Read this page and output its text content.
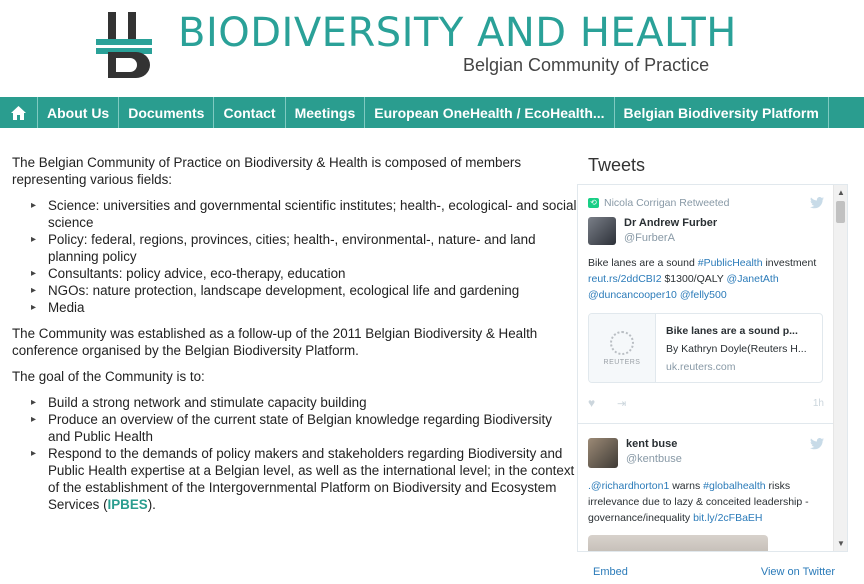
BIODIVERSITY AND HEALTH
Belgian Community of Practice
About Us	Documents	Contact	Meetings	European OneHealth / EcoHealth...	Belgian Biodiversity Platform

The Belgian Community of Practice on Biodiversity & Health is composed of members representing various fields:

▸ Science: universities and governmental scientific institutes; health-, ecological- and social science
▸ Policy: federal, regions, provinces, cities; health-, environmental-, nature- and land planning policy
▸ Consultants: policy advice, eco-therapy, education
▸ NGOs: nature protection, landscape development, ecological life and gardening
▸ Media

The Community was established as a follow-up of the 2011 Belgian Biodiversity & Health conference organised by the Belgian Biodiversity Platform.

The goal of the Community is to:

▸ Build a strong network and stimulate capacity building
▸ Produce an overview of the current state of Belgian knowledge regarding Biodiversity and Public Health
▸ Respond to the demands of policy makers and stakeholders regarding Biodiversity and Public Health expertise at a Belgian level, as well as the international level; in the context of the establishment of the Intergovernmental Platform on Biodiversity and Ecosystem Services (IPBES).
Tweets
⟲ Nicola Corrigan Retweeted
Dr Andrew Furber
@FurberA
Bike lanes are a sound #PublicHealth investment reut.rs/2ddCBI2 $1300/QALY @JanetAth @duncancooper10 @felly500
REUTERS
Bike lanes are a sound p...
By Kathryn Doyle(Reuters H...
uk.reuters.com
♥ ⇥	1h
kent buse
@kentbuse
.@richardhorton1 warns #globalhealth risks irrelevance due to lazy & conceited leadership - governance/inequality bit.ly/2cFBaEH
▲
▼
Embed	View on Twitter
